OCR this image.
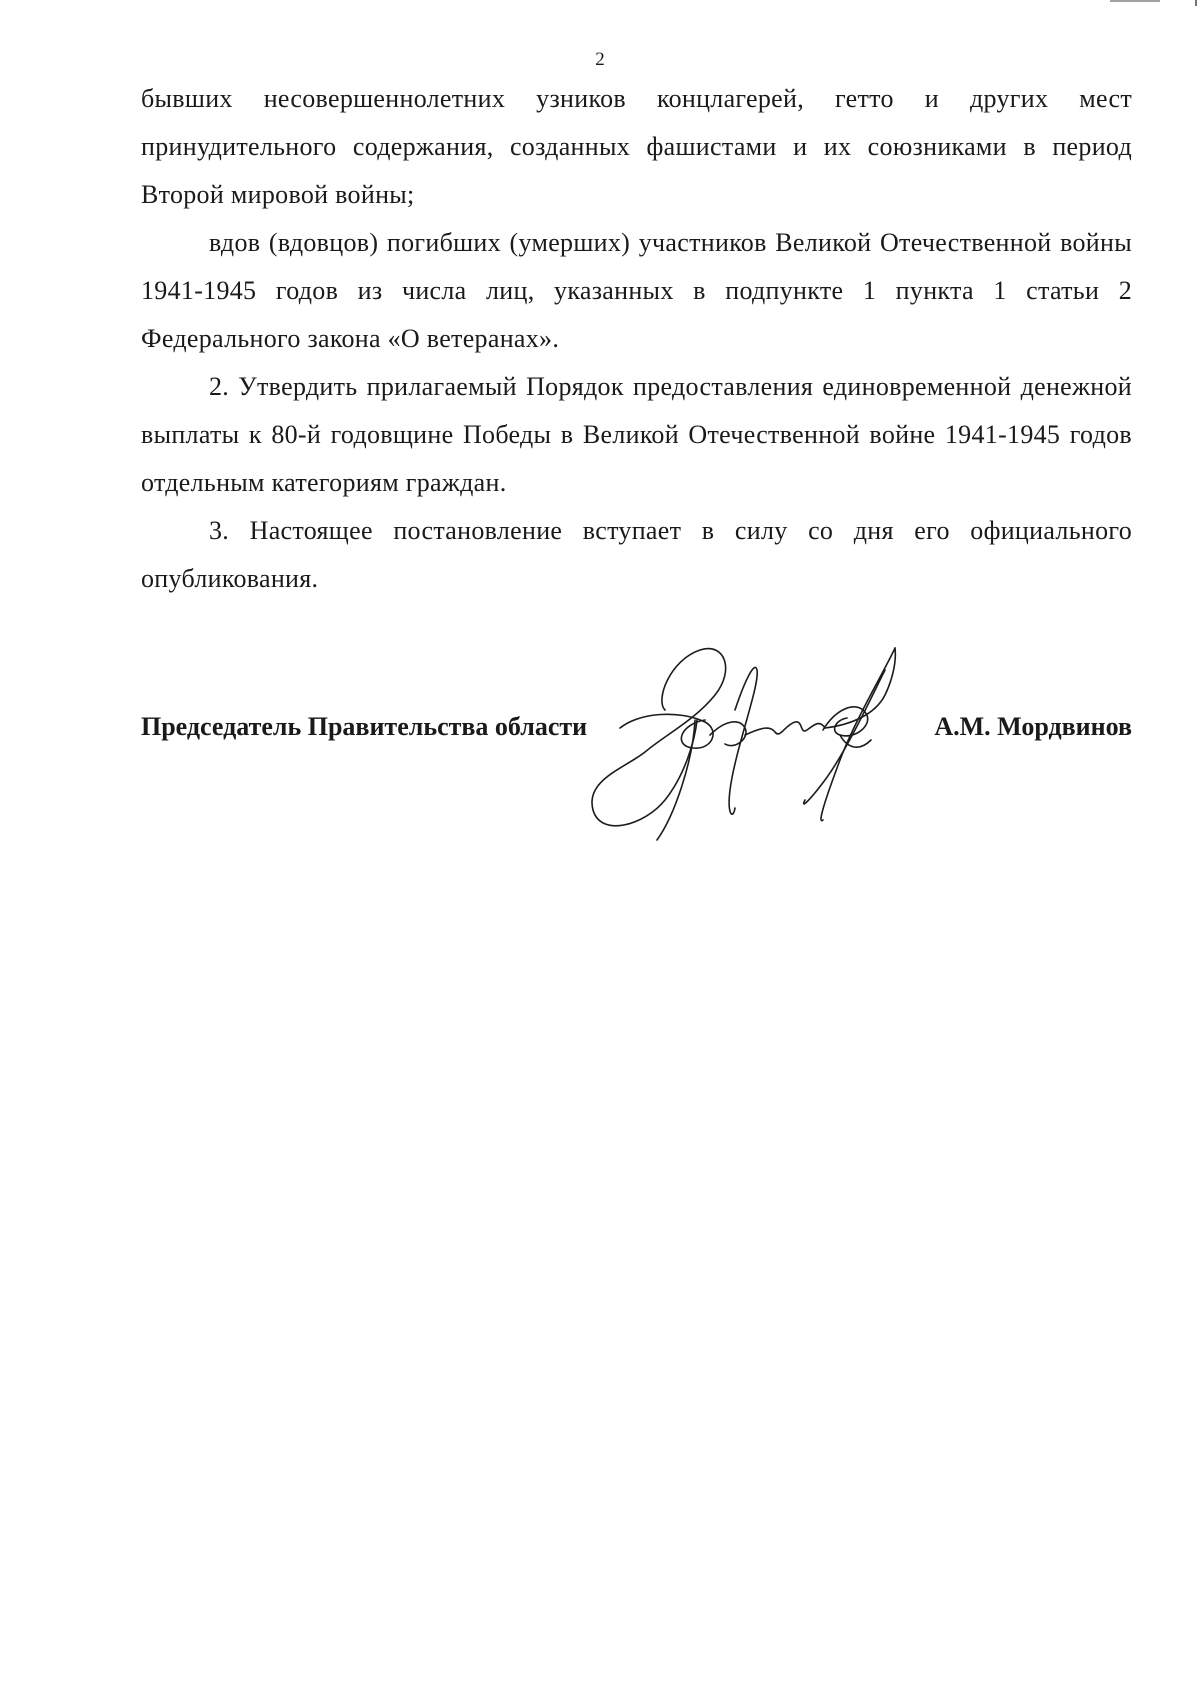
2

бывших несовершеннолетних узников концлагерей, гетто и других мест принудительного содержания, созданных фашистами и их союзниками в период Второй мировой войны;

вдов (вдовцов) погибших (умерших) участников Великой Отечественной войны 1941-1945 годов из числа лиц, указанных в подпункте 1 пункта 1 статьи 2 Федерального закона «О ветеранах».

2. Утвердить прилагаемый Порядок предоставления единовременной денежной выплаты к 80-й годовщине Победы в Великой Отечественной войне 1941-1945 годов отдельным категориям граждан.

3. Настоящее постановление вступает в силу со дня его официального опубликования.

Председатель Правительства области	А.М. Мордвинов
